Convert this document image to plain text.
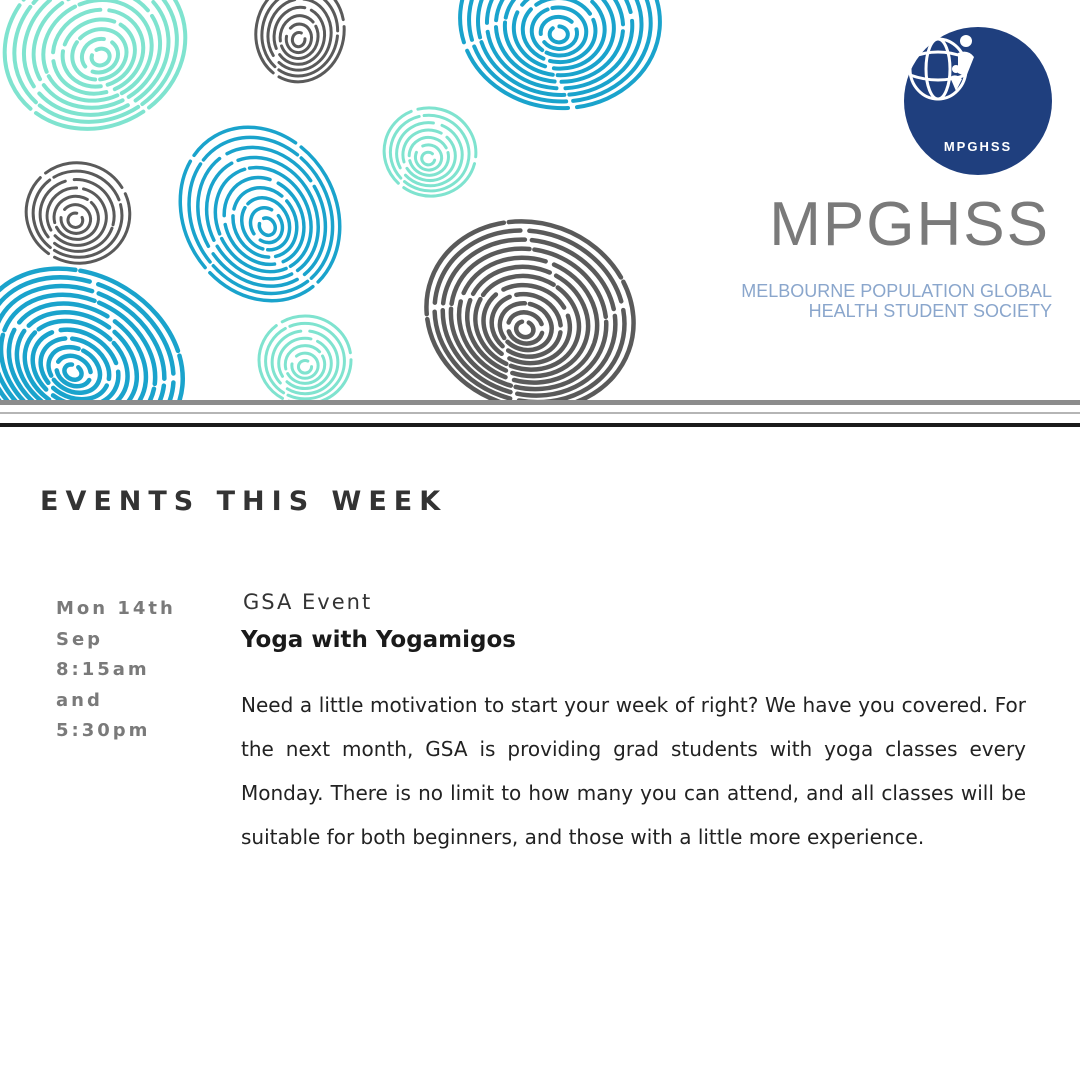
MPGHSS
MPGHSS
MELBOURNE POPULATION GLOBAL
HEALTH STUDENT SOCIETY
EVENTS THIS WEEK
Mon 14th
Sep
8:15am
and
5:30pm
GSA Event
Yoga with Yogamigos

Need a little motivation to start your week of right? We have you covered. For the next month, GSA is providing grad students with yoga classes every Monday. There is no limit to how many you can attend, and all classes will be suitable for both beginners, and those with a little more experience.
